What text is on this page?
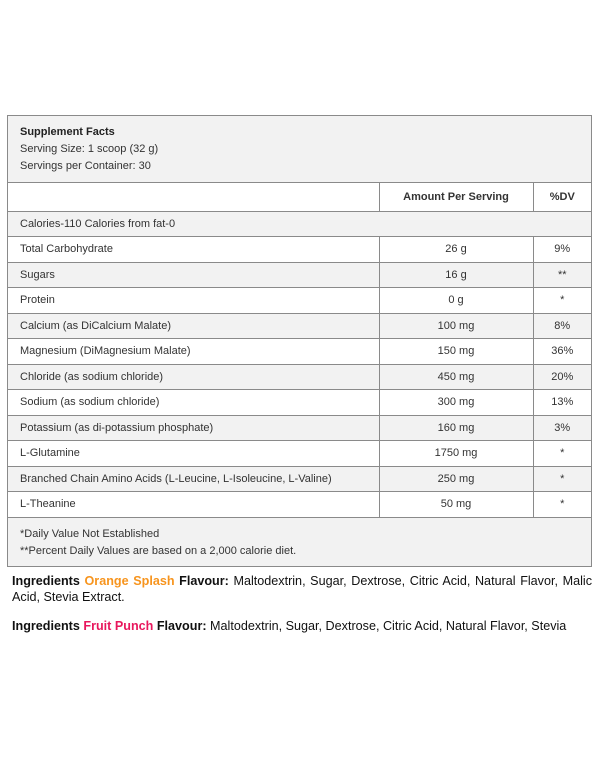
Supplement Facts
Serving Size: 1 scoop (32 g)
Servings per Container: 30
	Amount Per Serving	%DV
Calories-110 Calories from fat-0		
Total Carbohydrate	26 g	9%
Sugars	16 g	**
Protein	0 g	*
Calcium (as DiCalcium Malate)	100 mg	8%
Magnesium (DiMagnesium Malate)	150 mg	36%
Chloride (as sodium chloride)	450 mg	20%
Sodium (as sodium chloride)	300 mg	13%
Potassium (as di-potassium phosphate)	160 mg	3%
L-Glutamine	1750 mg	*
Branched Chain Amino Acids (L-Leucine, L-Isoleucine, L-Valine)	250 mg	*
L-Theanine	50 mg	*
*Daily Value Not Established
**Percent Daily Values are based on a 2,000 calorie diet.
Ingredients Orange Splash Flavour: Maltodextrin, Sugar, Dextrose, Citric Acid, Natural Flavor, Malic Acid, Stevia Extract.
Ingredients Fruit Punch Flavour: Maltodextrin, Sugar, Dextrose, Citric Acid, Natural Flavor, Stevia
